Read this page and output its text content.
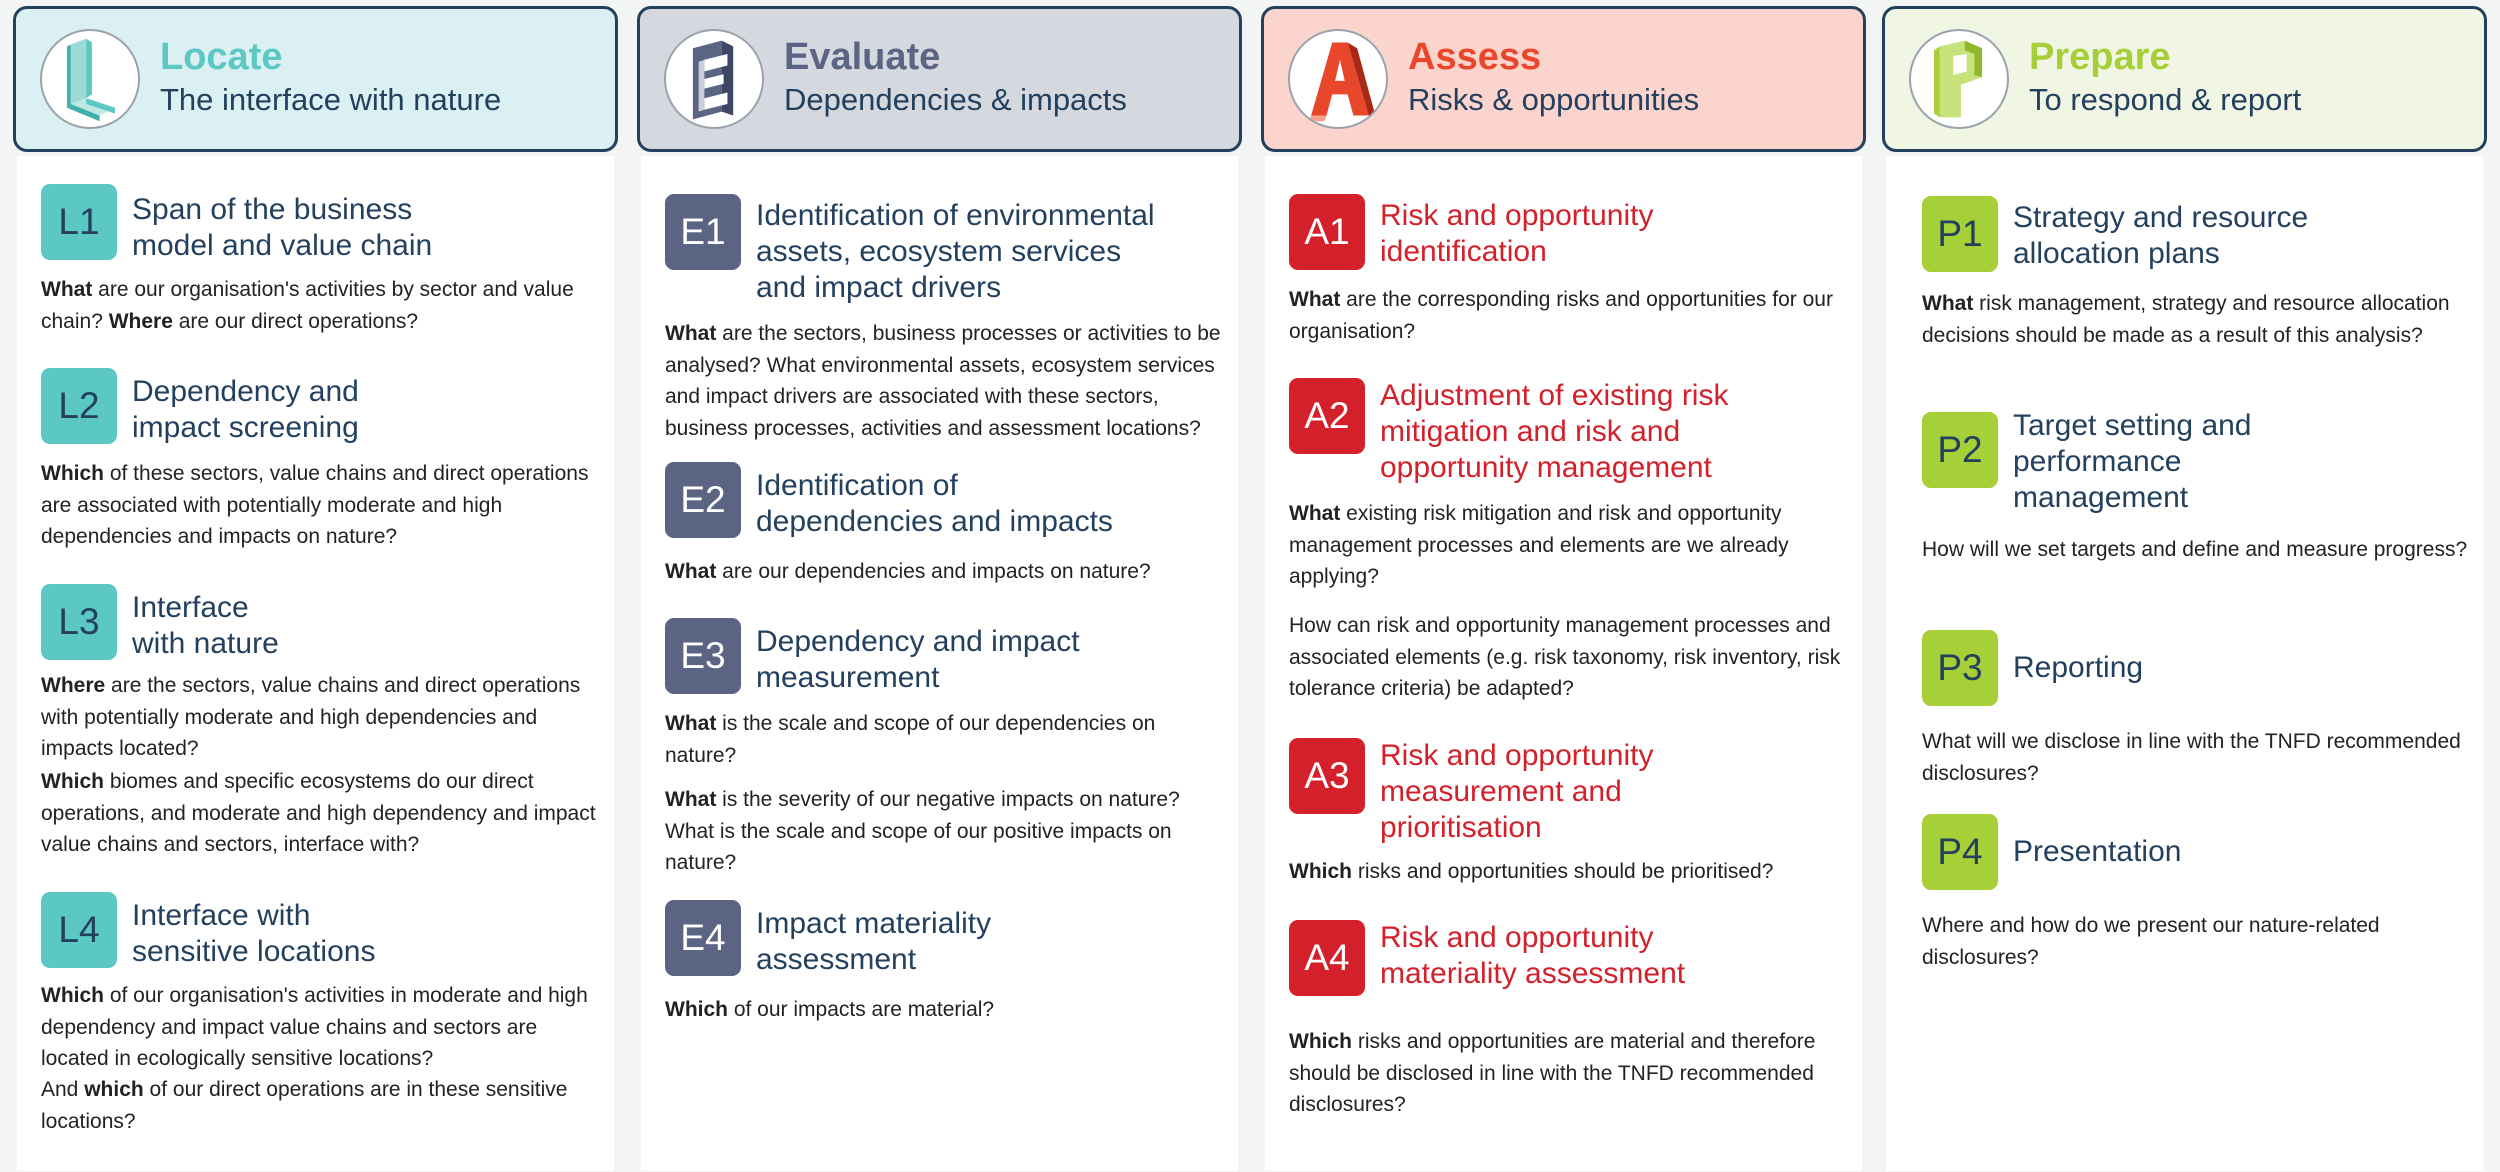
Locate
The interface with nature
L1	Span of the business
model and value chain
What are our organisation's activities by sector and value chain? Where are our direct operations?
L2	Dependency and
impact screening
Which of these sectors, value chains and direct operations are associated with potentially moderate and high dependencies and impacts on nature?
L3	Interface
with nature
Where are the sectors, value chains and direct operations with potentially moderate and high dependencies and impacts located?
Which biomes and specific ecosystems do our direct operations, and moderate and high dependency and impact value chains and sectors, interface with?
L4	Interface with
sensitive locations
Which of our organisation's activities in moderate and high dependency and impact value chains and sectors are located in ecologically sensitive locations?
And which of our direct operations are in these sensitive locations?
Evaluate
Dependencies & impacts
E1	Identification of environmental
assets, ecosystem services
and impact drivers
What are the sectors, business processes or activities to be analysed? What environmental assets, ecosystem services and impact drivers are associated with these sectors, business processes, activities and assessment locations?
E2	Identification of
dependencies and impacts
What are our dependencies and impacts on nature?
E3	Dependency and impact
measurement
What is the scale and scope of our dependencies on nature?
What is the severity of our negative impacts on nature? What is the scale and scope of our positive impacts on nature?
E4	Impact materiality
assessment
Which of our impacts are material?
Assess
Risks & opportunities
A1	Risk and opportunity
identification
What are the corresponding risks and opportunities for our organisation?
A2	Adjustment of existing risk
mitigation and risk and
opportunity management
What existing risk mitigation and risk and opportunity management processes and elements are we already applying?
How can risk and opportunity management processes and associated elements (e.g. risk taxonomy, risk inventory, risk tolerance criteria) be adapted?
A3	Risk and opportunity
measurement and
prioritisation
Which risks and opportunities should be prioritised?
A4	Risk and opportunity
materiality assessment
Which risks and opportunities are material and therefore should be disclosed in line with the TNFD recommended disclosures?
Prepare
To respond & report
P1	Strategy and resource
allocation plans
What risk management, strategy and resource allocation decisions should be made as a result of this analysis?
P2
Target setting and
performance
management
How will we set targets and define and measure progress?
P3	Reporting
What will we disclose in line with the TNFD recommended disclosures?
P4	Presentation
Where and how do we present our nature-related disclosures?
